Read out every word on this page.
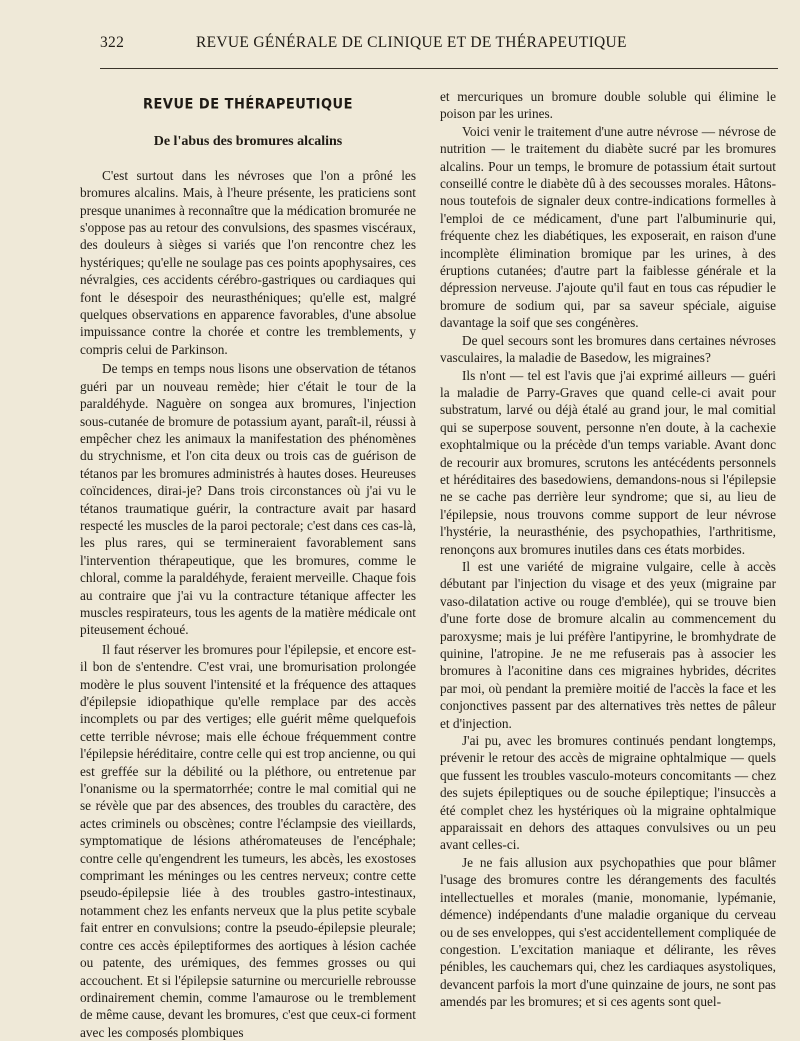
322	REVUE GÉNÉRALE DE CLINIQUE ET DE THÉRAPEUTIQUE
REVUE DE THÉRAPEUTIQUE
De l'abus des bromures alcalins

C'est surtout dans les névroses que l'on a prôné les bromures alcalins. Mais, à l'heure présente, les praticiens sont presque unanimes à reconnaître que la médication bromurée ne s'oppose pas au retour des convulsions, des spasmes viscéraux, des douleurs à sièges si variés que l'on rencontre chez les hystériques; qu'elle ne soulage pas ces points apophysaires, ces névralgies, ces accidents cérébro-gastriques ou cardiaques qui font le désespoir des neurasthéniques; qu'elle est, malgré quelques observations en apparence favorables, d'une absolue impuissance contre la chorée et contre les tremblements, y compris celui de Parkinson.

De temps en temps nous lisons une observation de tétanos guéri par un nouveau remède; hier c'était le tour de la paraldéhyde. Naguère on songea aux bromures, l'injection sous-cutanée de bromure de potassium ayant, paraît-il, réussi à empêcher chez les animaux la manifestation des phénomènes du strychnisme, et l'on cita deux ou trois cas de guérison de tétanos par les bromures administrés à hautes doses. Heureuses coïncidences, dirai-je? Dans trois circonstances où j'ai vu le tétanos traumatique guérir, la contracture avait par hasard respecté les muscles de la paroi pectorale; c'est dans ces cas-là, les plus rares, qui se termineraient favorablement sans l'intervention thérapeutique, que les bromures, comme le chloral, comme la paraldéhyde, feraient merveille. Chaque fois au contraire que j'ai vu la contracture tétanique affecter les muscles respirateurs, tous les agents de la matière médicale ont piteusement échoué.

Il faut réserver les bromures pour l'épilepsie, et encore est-il bon de s'entendre. C'est vrai, une bromurisation prolongée modère le plus souvent l'intensité et la fréquence des attaques d'épilepsie idiopathique qu'elle remplace par des accès incomplets ou par des vertiges; elle guérit même quelquefois cette terrible névrose; mais elle échoue fréquemment contre l'épilepsie héréditaire, contre celle qui est trop ancienne, ou qui est greffée sur la débilité ou la pléthore, ou entretenue par l'onanisme ou la spermatorrhée; contre le mal comitial qui ne se révèle que par des absences, des troubles du caractère, des actes criminels ou obscènes; contre l'éclampsie des vieillards, symptomatique de lésions athéromateuses de l'encéphale; contre celle qu'engendrent les tumeurs, les abcès, les exostoses comprimant les méninges ou les centres nerveux; contre cette pseudo-épilepsie liée à des troubles gastro-intestinaux, notamment chez les enfants nerveux que la plus petite scybale fait entrer en convulsions; contre la pseudo-épilepsie pleurale; contre ces accès épileptiformes des aortiques à lésion cachée ou patente, des urémiques, des femmes grosses ou qui accouchent. Et si l'épilepsie saturnine ou mercurielle rebrousse ordinairement chemin, comme l'amaurose ou le tremblement de même cause, devant les bromures, c'est que ceux-ci forment avec les composés plombiques

et mercuriques un bromure double soluble qui élimine le poison par les urines.

Voici venir le traitement d'une autre névrose — névrose de nutrition — le traitement du diabète sucré par les bromures alcalins. Pour un temps, le bromure de potassium était surtout conseillé contre le diabète dû à des secousses morales. Hâtons-nous toutefois de signaler deux contre-indications formelles à l'emploi de ce médicament, d'une part l'albuminurie qui, fréquente chez les diabétiques, les exposerait, en raison d'une incomplète élimination bromique par les urines, à des éruptions cutanées; d'autre part la faiblesse générale et la dépression nerveuse. J'ajoute qu'il faut en tous cas répudier le bromure de sodium qui, par sa saveur spéciale, aiguise davantage la soif que ses congénères.

De quel secours sont les bromures dans certaines névroses vasculaires, la maladie de Basedow, les migraines?

Ils n'ont — tel est l'avis que j'ai exprimé ailleurs — guéri la maladie de Parry-Graves que quand celle-ci avait pour substratum, larvé ou déjà étalé au grand jour, le mal comitial qui se superpose souvent, personne n'en doute, à la cachexie exophtalmique ou la précède d'un temps variable. Avant donc de recourir aux bromures, scrutons les antécédents personnels et héréditaires des basedowiens, demandons-nous si l'épilepsie ne se cache pas derrière leur syndrome; que si, au lieu de l'épilepsie, nous trouvons comme support de leur névrose l'hystérie, la neurasthénie, des psychopathies, l'arthritisme, renonçons aux bromures inutiles dans ces états morbides.

Il est une variété de migraine vulgaire, celle à accès débutant par l'injection du visage et des yeux (migraine par vaso-dilatation active ou rouge d'emblée), qui se trouve bien d'une forte dose de bromure alcalin au commencement du paroxysme; mais je lui préfère l'antipyrine, le bromhydrate de quinine, l'atropine. Je ne me refuserais pas à associer les bromures à l'aconitine dans ces migraines hybrides, décrites par moi, où pendant la première moitié de l'accès la face et les conjonctives passent par des alternatives très nettes de pâleur et d'injection.

J'ai pu, avec les bromures continués pendant longtemps, prévenir le retour des accès de migraine ophtalmique — quels que fussent les troubles vasculo-moteurs concomitants — chez des sujets épileptiques ou de souche épileptique; l'insuccès a été complet chez les hystériques où la migraine ophtalmique apparaissait en dehors des attaques convulsives ou un peu avant celles-ci.

Je ne fais allusion aux psychopathies que pour blâmer l'usage des bromures contre les dérangements des facultés intellectuelles et morales (manie, monomanie, lypémanie, démence) indépendants d'une maladie organique du cerveau ou de ses enveloppes, qui s'est accidentellement compliquée de congestion. L'excitation maniaque et délirante, les rêves pénibles, les cauchemars qui, chez les cardiaques asystoliques, devancent parfois la mort d'une quinzaine de jours, ne sont pas amendés par les bromures; et si ces agents sont quel-
